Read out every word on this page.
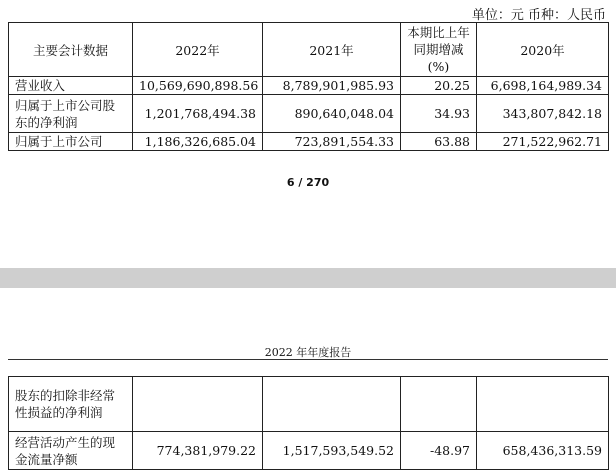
单位：元 币种：人民币
主要会计数据	2022年	2021年	本期比上年同期增减(%)	2020年
营业收入	10,569,690,898.56	8,789,901,985.93	20.25	6,698,164,989.34
归属于上市公司股东的净利润	1,201,768,494.38	890,640,048.04	34.93	343,807,842.18
归属于上市公司	1,186,326,685.04	723,891,554.33	63.88	271,522,962.71
6 / 270
2022 年年度报告
股东的扣除非经常性损益的净利润				
经营活动产生的现金流量净额	774,381,979.22	1,517,593,549.52	-48.97	658,436,313.59
